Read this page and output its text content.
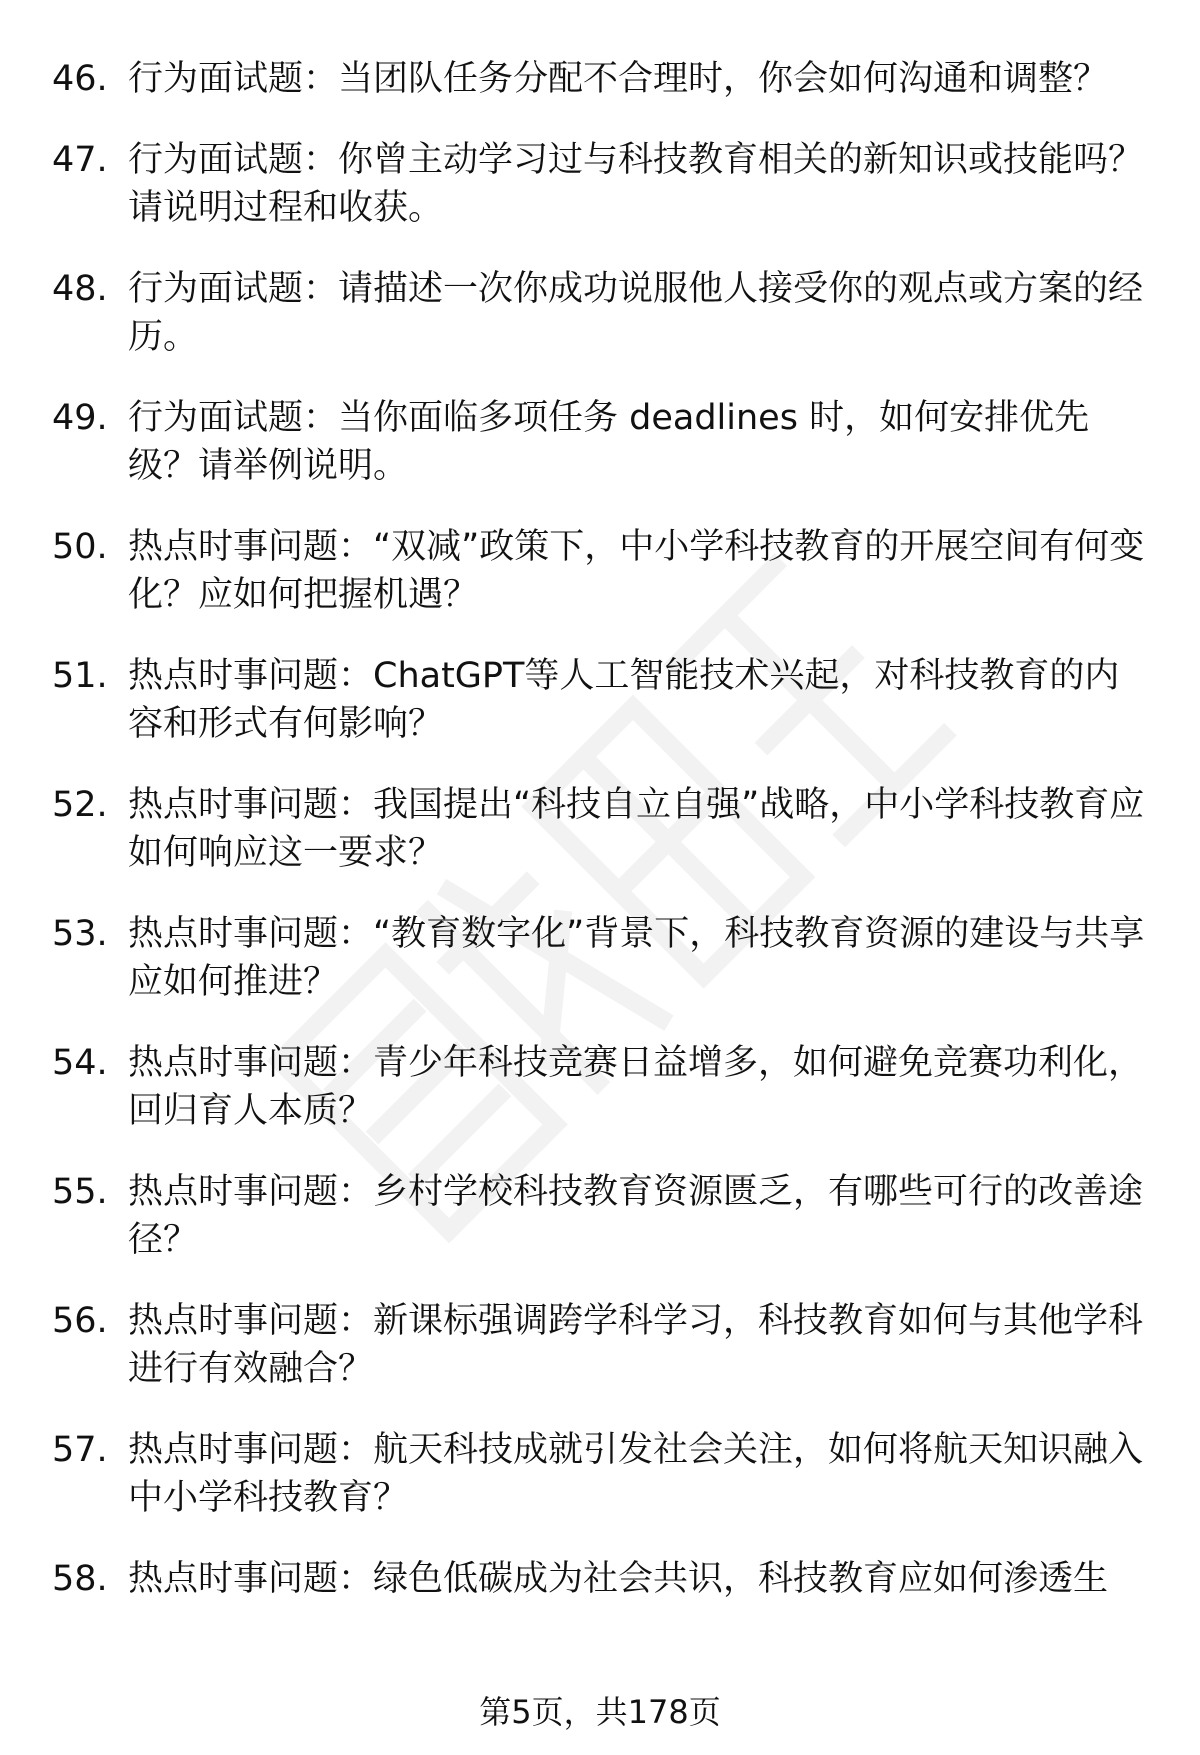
46. 行为面试题：当团队任务分配不合理时，你会如何沟通和调整？
47. 行为面试题：你曾主动学习过与科技教育相关的新知识或技能吗？请说明过程和收获。
48. 行为面试题：请描述一次你成功说服他人接受你的观点或方案的经历。
49. 行为面试题：当你面临多项任务 deadlines 时，如何安排优先级？请举例说明。
50. 热点时事问题：“双减”政策下，中小学科技教育的开展空间有何变化？应如何把握机遇？
51. 热点时事问题：ChatGPT等人工智能技术兴起，对科技教育的内容和形式有何影响？
52. 热点时事问题：我国提出“科技自立自强”战略，中小学科技教育应如何响应这一要求？
53. 热点时事问题：“教育数字化”背景下，科技教育资源的建设与共享应如何推进？
54. 热点时事问题：青少年科技竞赛日益增多，如何避免竞赛功利化，回归育人本质？
55. 热点时事问题：乡村学校科技教育资源匮乏，有哪些可行的改善途径？
56. 热点时事问题：新课标强调跨学科学习，科技教育如何与其他学科进行有效融合？
57. 热点时事问题：航天科技成就引发社会关注，如何将航天知识融入中小学科技教育？
58. 热点时事问题：绿色低碳成为社会共识，科技教育应如何渗透生
第5页，共178页
